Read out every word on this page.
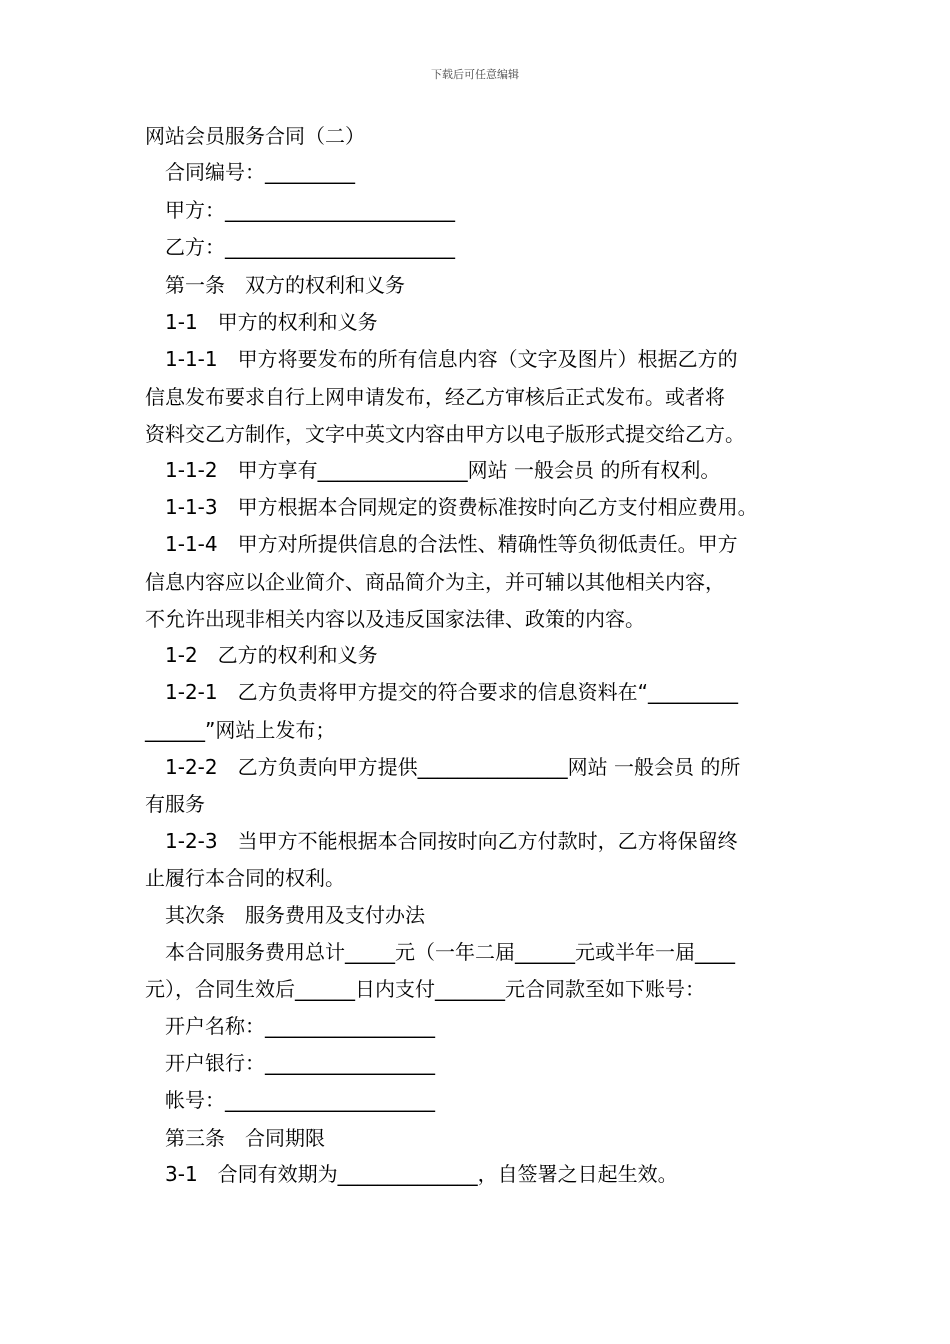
下载后可任意编辑
网站会员服务合同（二）
合同编号：_________
甲方：_______________________
乙方：_______________________
第一条　双方的权利和义务
1-1　甲方的权利和义务
1-1-1　甲方将要发布的所有信息内容（文字及图片）根据乙方的
信息发布要求自行上网申请发布，经乙方审核后正式发布。或者将
资料交乙方制作，文字中英文内容由甲方以电子版形式提交给乙方。
1-1-2　甲方享有_______________网站 一般会员 的所有权利。
1-1-3　甲方根据本合同规定的资费标准按时向乙方支付相应费用。
1-1-4　甲方对所提供信息的合法性、精确性等负彻低责任。甲方
信息内容应以企业简介、商品简介为主，并可辅以其他相关内容，
不允许出现非相关内容以及违反国家法律、政策的内容。
1-2　乙方的权利和义务
1-2-1　乙方负责将甲方提交的符合要求的信息资料在“_________
______”网站上发布；
1-2-2　乙方负责向甲方提供_______________网站 一般会员 的所
有服务
1-2-3　当甲方不能根据本合同按时向乙方付款时，乙方将保留终
止履行本合同的权利。
其次条　服务费用及支付办法
本合同服务费用总计_____元（一年二届______元或半年一届____
元），合同生效后______日内支付_______元合同款至如下账号：
开户名称：_________________
开户银行：_________________
帐号：_____________________
第三条　合同期限
3-1　合同有效期为______________，自签署之日起生效。
